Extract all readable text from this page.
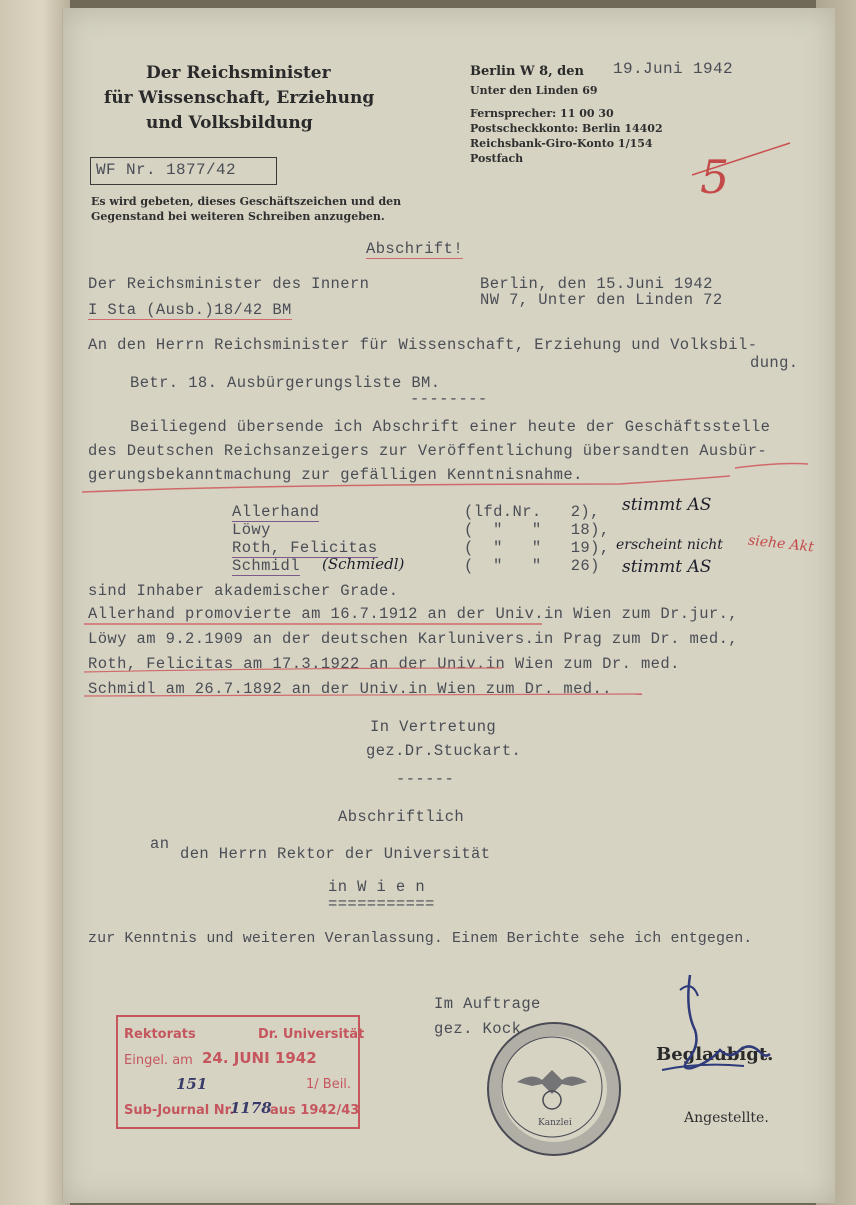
Der Reichsminister
für Wissenschaft, Erziehung
und Volksbildung
Berlin W 8, den 19.Juni 1942
Unter den Linden 69
Fernsprecher: 11 00 30
Postscheckkonto: Berlin 14402
Reichsbank-Giro-Konto 1/154
Postfach
WF Nr. 1877/42
Es wird gebeten, dieses Geschäftszeichen und den
Gegenstand bei weiteren Schreiben anzugeben.
5
Abschrift!
Der Reichsminister des Innern
I Sta (Ausb.)18/42 BM
Berlin, den 15.Juni 1942
NW 7, Unter den Linden 72
An den Herrn Reichsminister für Wissenschaft, Erziehung und Volksbil-
dung.
Betr. 18. Ausbürgerungsliste BM.
--------
Beiliegend übersende ich Abschrift einer heute der Geschäftsstelle
des Deutschen Reichsanzeigers zur Veröffentlichung übersandten Ausbür-
gerungsbekanntmachung zur gefälligen Kenntnisnahme.
Allerhand
Löwy
Roth, Felicitas
Schmidl (Schmiedl)
(lfd.Nr.   2),
(  "   "   18),
(  "   "   19),
(  "   "   26)
stimmt AS
erscheint nicht
stimmt AS
siehe Akt
sind Inhaber akademischer Grade.
Allerhand promovierte am 16.7.1912 an der Univ.in Wien zum Dr.jur.,
Löwy am 9.2.1909 an der deutschen Karlunivers.in Prag zum Dr. med.,
Roth, Felicitas am 17.3.1922 an der Univ.in Wien zum Dr. med.
Schmidl am 26.7.1892 an der Univ.in Wien zum Dr. med..
In Vertretung
gez.Dr.Stuckart.
------
Abschriftlich
an
den Herrn Rektor der Universität
in W i e n
===========
zur Kenntnis und weiteren Veranlassung. Einem Berichte sehe ich entgegen.
Im Auftrage
gez. Kock
Beglaubigt.
Angestellte.
Kanzlei
Rektorats	Dr. Universität
Eingel. am 24. JUNI 1942
151	1/ Beil.
Sub-Journal Nr.
1178
aus 1942/43
